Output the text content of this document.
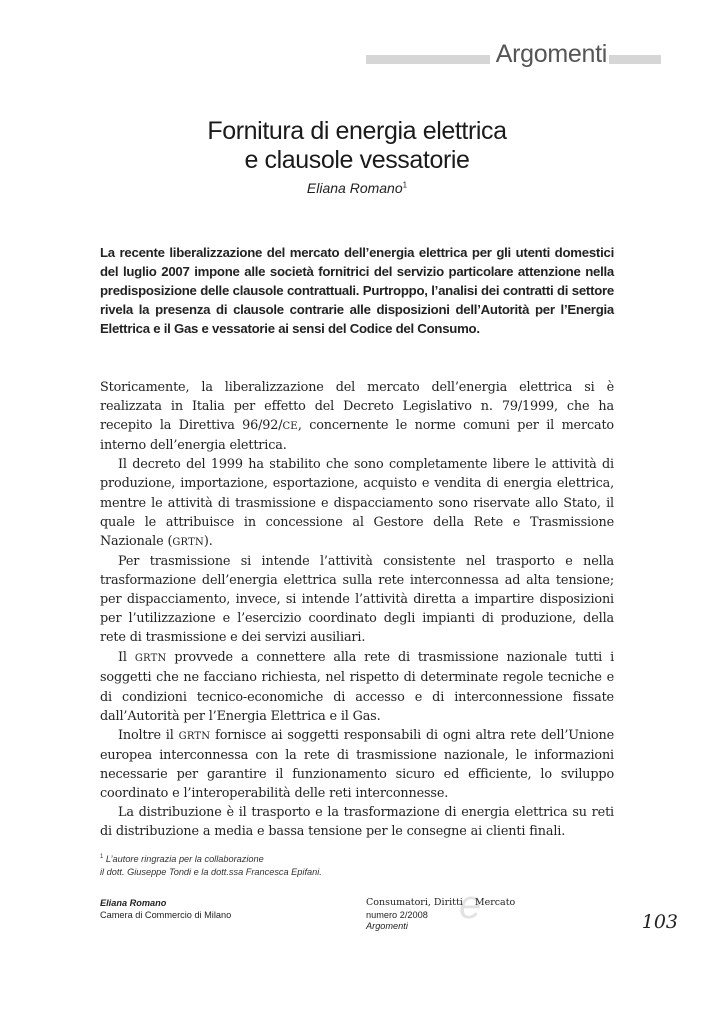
Argomenti
Fornitura di energia elettrica
e clausole vessatorie
Eliana Romano$^1$
La recente liberalizzazione del mercato dell’energia elettrica per gli utenti domestici del luglio 2007 impone alle società fornitrici del servizio particolare attenzione nella predisposizione delle clausole contrattuali. Purtroppo, l’analisi dei contratti di settore rivela la presenza di clausole contrarie alle disposizioni dell’Autorità per l’Energia Elettrica e il Gas e vessatorie ai sensi del Codice del Consumo.

Storicamente, la liberalizzazione del mercato dell’energia elettrica si è realizzata in Italia per effetto del Decreto Legislativo n. 79/1999, che ha recepito la Direttiva 96/92/CE, concernente le norme comuni per il mercato interno dell’energia elettrica.

Il decreto del 1999 ha stabilito che sono completamente libere le attività di produzione, importazione, esportazione, acquisto e vendita di energia elettrica, mentre le attività di trasmissione e dispacciamento sono riservate allo Stato, il quale le attribuisce in concessione al Gestore della Rete e Trasmissione Nazionale (GRTN).

Per trasmissione si intende l’attività consistente nel trasporto e nella trasformazione dell’energia elettrica sulla rete interconnessa ad alta tensione; per dispacciamento, invece, si intende l’attività diretta a impartire disposizioni per l’utilizzazione e l’esercizio coordinato degli impianti di produzione, della rete di trasmissione e dei servizi ausiliari.

Il GRTN provvede a connettere alla rete di trasmissione nazionale tutti i soggetti che ne facciano richiesta, nel rispetto di determinate regole tecniche e di condizioni tecnico-economiche di accesso e di interconnessione fissate dall’Autorità per l’Energia Elettrica e il Gas.

Inoltre il GRTN fornisce ai soggetti responsabili di ogni altra rete dell’Unione europea interconnessa con la rete di trasmissione nazionale, le informazioni necessarie per garantire il funzionamento sicuro ed efficiente, lo sviluppo coordinato e l’interoperabilità delle reti interconnesse.

La distribuzione è il trasporto e la trasformazione di energia elettrica su reti di distribuzione a media e bassa tensione per le consegne ai clienti finali.

$^1$ L’autore ringrazia per la collaborazione
il dott. Giuseppe Tondi e la dott.ssa Francesca Epifani.
Eliana Romano
Camera di Commercio di Milano	e
Consumatori, Diritti Mercato
numero 2/2008
Argomenti	103
